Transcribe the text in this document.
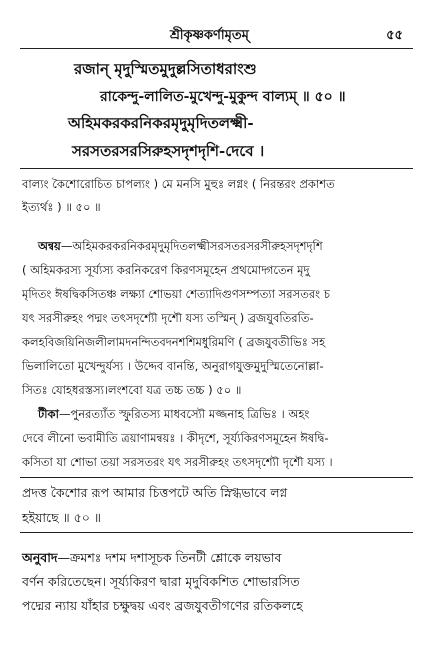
শ্রীকৃষ্ণকর্ণামৃতম্	৫৫
রজান্ মৃদুস্মিতমুদুল্লসিতাধরাংশু
রাকেন্দু-লালিত-মুখেন্দু-মুকুন্দ বাল্যম্ ॥ ৫০ ॥
অহিমকরকরনিকরমৃদুমৃদিতলক্ষ্মী-
সরসতরসরসিরুহসদৃশদৃশি-দেবে ।
বাল্যং কৈশোরোচিত চাপল্যং ) মে মনসি মুহুঃ লগ্নং ( নিরন্তরং প্রকাশত
ইত্যর্থঃ ) ॥ ৫০ ॥
অন্বয়—অহিমকরকরনিকরমৃদুমৃদিতলক্ষ্মীসরসতরসরসীরুহসদৃশদৃশি
( অহিমকরস্য সূর্য্যস্য করনিকরেণ কিরণসমূহেন প্রথমোদ্গতেন মৃদু
মৃদিতং ঈষদ্বিকসিতঞ্চ লক্ষ্যা শোভয়া শেত্যাদিগুণসম্পত্যা সরসতরং চ
যৎ সরসীরুহং পদ্মং তৎসদৃশ্যৌ দৃশৌ যস্য তস্মিন্ ) ব্রজযুবতিরতি-
কলহবিজয়িনিজলীলামদনন্দিতবদনশশিমধুরিমণি ( ব্রজযুবতীভিঃ সহ
ভিলালিতো মুখেন্দুর্যস্য । উদ্দেব বানন্তি, অনুরাগযুক্তমুদুস্মিতেনোল্লা-
সিতঃ যোহধরস্তস্য।লংশবো যত্র তচ্চ তচ্চ ) ৫০ ॥
টীকা—পুনরত্যাঁত স্ফুরিতস্য মাধবস্যৌ মজ্জনাহ ত্রিভিঃ । অহং
দেবে লীনো ভবামীতি ত্রয়াণামন্বয়ঃ । কীদৃশে, সূর্য্যকিরণসমূহেন ঈষদ্বি-
কসিতা যা শোভা তয়া সরসতরং যৎ সরসীরুহং তৎসদৃশ্যৌ দৃশৌ যস্য ।
প্রদত্ত কৈশোর রূপ আমার চিত্তপটে অতি স্নিগ্ধভাবে লগ্ন
হইয়াছে ॥ ৫০ ॥
অনুবাদ—ক্রমশঃ দশম দশাসূচক তিনটী শ্লোকে লয়ভাব
বর্ণন করিতেছেন। সূর্য্যকিরণ দ্বারা মৃদুবিকশিত শোভারসিত
পদ্মের ন্যায় যাঁহার চক্ষুদ্বয় এবং ব্রজযুবতীগণের রতিকলহে
